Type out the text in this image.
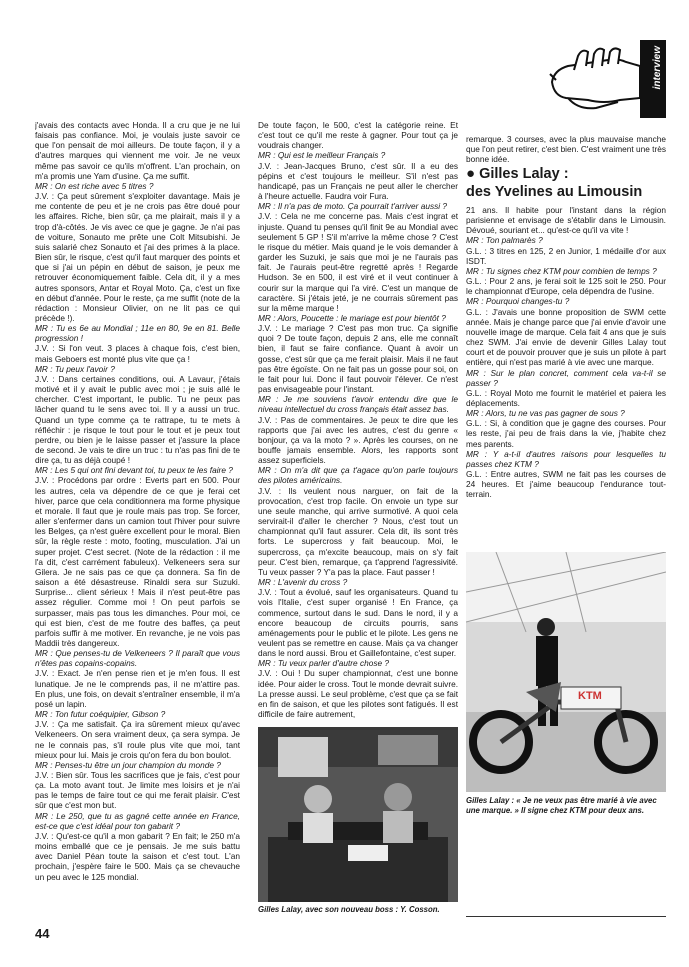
interview

j'avais des contacts avec Honda. Il a cru que je ne lui faisais pas confiance. Moi, je voulais juste savoir ce que l'on pensait de moi ailleurs. De toute façon, il y a d'autres marques qui viennent me voir. Je ne veux même pas savoir ce qu'ils m'offrent. L'an prochain, on m'a promis une Yam d'usine. Ça me suffit.

MR : On est riche avec 5 titres ?

J.V. : Ça peut sûrement s'exploiter davantage. Mais je me contente de peu et je ne crois pas être doué pour les affaires. Riche, bien sûr, ça me plairait, mais il y a trop d'à-côtés. Je vis avec ce que je gagne. Je n'ai pas de voiture, Sonauto me prête une Colt Mitsubishi. Je suis salarié chez Sonauto et j'ai des primes à la place. Bien sûr, le risque, c'est qu'il faut marquer des points et que si j'ai un pépin en début de saison, je peux me retrouver économiquement faible. Cela dit, il y a mes autres sponsors, Antar et Royal Moto. Ça, c'est un fixe en début d'année. Pour le reste, ça me suffit (note de la rédaction : Monsieur Olivier, on ne lit pas ce qui précède !).

MR : Tu es 6e au Mondial ; 11e en 80, 9e en 81. Belle progression !

J.V. : Si l'on veut. 3 places à chaque fois, c'est bien, mais Geboers est monté plus vite que ça !

MR : Tu peux l'avoir ?

J.V. : Dans certaines conditions, oui. A Lavaur, j'étais motivé et il y avait le public avec moi ; je suis allé le chercher. C'est important, le public. Tu ne peux pas lâcher quand tu le sens avec toi. Il y a aussi un truc. Quand un type comme ça te rattrape, tu te mets à réfléchir : je risque le tout pour le tout et je peux tout perdre, ou bien je le laisse passer et j'assure la place de second. Je vais te dire un truc : tu n'as pas fini de te dire ça, tu as déjà coupé !

MR : Les 5 qui ont fini devant toi, tu peux te les faire ?

J.V. : Procédons par ordre : Everts part en 500. Pour les autres, cela va dépendre de ce que je ferai cet hiver, parce que cela conditionnera ma forme physique et morale. Il faut que je roule mais pas trop. Se forcer, aller s'enfermer dans un camion tout l'hiver pour suivre les Belges, ça n'est guère excellent pour le moral. Bien sûr, la règle reste : moto, footing, musculation. J'ai un super projet. C'est secret. (Note de la rédaction : il me l'a dit, c'est carrément fabuleux). Velkeneers sera sur Gilera. Je ne sais pas ce que ça donnera. Sa fin de saison a été désastreuse. Rinaldi sera sur Suzuki. Surprise... client sérieux ! Mais il n'est peut-être pas assez régulier. Comme moi ! On peut parfois se surpasser, mais pas tous les dimanches. Pour moi, ce qui est bien, c'est de me foutre des baffes, ça peut parfois suffir à me motiver. En revanche, je ne vois pas Maddii très dangereux.

MR : Que penses-tu de Velkeneers ? Il paraît que vous n'êtes pas copains-copains.

J.V. : Exact. Je n'en pense rien et je m'en fous. Il est lunatique. Je ne le comprends pas, il ne m'attire pas. En plus, une fois, on devait s'entraîner ensemble, il m'a posé un lapin.

MR : Ton futur coéquipier, Gibson ?

J.V. : Ça me satisfait. Ça ira sûrement mieux qu'avec Velkeneers. On sera vraiment deux, ça sera sympa. Je ne le connais pas, s'il roule plus vite que moi, tant mieux pour lui. Mais je crois qu'on fera du bon boulot.

MR : Penses-tu être un jour champion du monde ?

J.V. : Bien sûr. Tous les sacrifices que je fais, c'est pour ça. La moto avant tout. Je limite mes loisirs et je n'ai pas le temps de faire tout ce qui me ferait plaisir. C'est sûr que c'est mon but.

MR : Le 250, que tu as gagné cette année en France, est-ce que c'est idéal pour ton gabarit ?

J.V. : Qu'est-ce qu'il a mon gabarit ? En fait; le 250 m'a moins emballé que ce je pensais. Je me suis battu avec Daniel Péan toute la saison et c'est tout. L'an prochain, j'espère faire le 500. Mais ça se chevauche un peu avec le 125 mondial.

De toute façon, le 500, c'est la catégorie reine. Et c'est tout ce qu'il me reste à gagner. Pour tout ça je voudrais changer.

MR : Qui est le meilleur Français ?

J.V. : Jean-Jacques Bruno, c'est sûr. Il a eu des pépins et c'est toujours le meilleur. S'il n'est pas handicapé, pas un Français ne peut aller le chercher à l'heure actuelle. Faudra voir Fura.

MR : Il n'a pas de moto. Ça pourrait t'arriver aussi ?

J.V. : Cela ne me concerne pas. Mais c'est ingrat et injuste. Quand tu penses qu'il finit 9e au Mondial avec seulement 5 GP ! S'il m'arrive la même chose ? C'est le risque du métier. Mais quand je le vois demander à garder les Suzuki, je sais que moi je ne l'aurais pas fait. Je l'aurais peut-être regretté après ! Regarde Hudson. 3e en 500, il est viré et il veut continuer à courir sur la marque qui l'a viré. C'est un manque de caractère. Si j'étais jeté, je ne courrais sûrement pas sur la même marque !

MR : Alors, Poucette : le mariage est pour bientôt ?

J.V. : Le mariage ? C'est pas mon truc. Ça signifie quoi ? De toute façon, depuis 2 ans, elle me connaît bien, il faut se faire confiance. Quant à avoir un gosse, c'est sûr que ça me ferait plaisir. Mais il ne faut pas être égoïste. On ne fait pas un gosse pour soi, on le fait pour lui. Donc il faut pouvoir l'élever. Ce n'est pas envisageable pour l'instant.

MR : Je me souviens t'avoir entendu dire que le niveau intellectuel du cross français était assez bas.

J.V. : Pas de commentaires. Je peux te dire que les rapports que j'ai avec les autres, c'est du genre « bonjour, ça va la moto ? ». Après les courses, on ne bouffe jamais ensemble. Alors, les rapports sont assez superficiels.

MR : On m'a dit que ça t'agace qu'on parle toujours des pilotes américains.

J.V. : Ils veulent nous narguer, on fait de la provocation, c'est trop facile. On envoie un type sur une seule manche, qui arrive surmotivé. A quoi cela servirait-il d'aller le chercher ? Nous, c'est tout un championnat qu'il faut assurer. Cela dit, ils sont très forts. Le supercross y fait beaucoup. Moi, le supercross, ça m'excite beaucoup, mais on s'y fait peur. C'est bien, remarque, ça t'apprend l'agressivité. Tu veux passer ? Y'a pas la place. Faut passer !

MR : L'avenir du cross ?

J.V. : Tout a évolué, sauf les organisateurs. Quand tu vois l'Italie, c'est super organisé ! En France, ça commence, surtout dans le sud. Dans le nord, il y a encore beaucoup de circuits pourris, sans aménagements pour le public et le pilote. Les gens ne veulent pas se remettre en cause. Mais ça va changer dans le nord aussi. Brou et Gaillefontaine, c'est super.

MR : Tu veux parler d'autre chose ?

J.V. : Oui ! Du super championnat, c'est une bonne idée. Pour aider le cross. Tout le monde devrait suivre. La presse aussi. Le seul problème, c'est que ça se fait en fin de saison, et que les pilotes sont fatigués. Il est difficile de faire autrement,

remarque. 3 courses, avec la plus mauvaise manche que l'on peut retirer, c'est bien. C'est vraiment une très bonne idée.

● Gilles Lalay :
des Yvelines au Limousin

21 ans. Il habite pour l'instant dans la région parisienne et envisage de s'établir dans le Limousin. Dévoué, souriant et... qu'est-ce qu'il va vite !

MR : Ton palmarès ?

G.L. : 3 titres en 125, 2 en Junior, 1 médaille d'or aux ISDT.

MR : Tu signes chez KTM pour combien de temps ?

G.L. : Pour 2 ans, je ferai soit le 125 soit le 250. Pour le championnat d'Europe, cela dépendra de l'usine.

MR : Pourquoi changes-tu ?

G.L. : J'avais une bonne proposition de SWM cette année. Mais je change parce que j'ai envie d'avoir une nouvelle image de marque. Cela fait 4 ans que je suis chez SWM. J'ai envie de devenir Gilles Lalay tout court et de pouvoir prouver que je suis un pilote à part entière, qui n'est pas marié à vie avec une marque.

MR : Sur le plan concret, comment cela va-t-il se passer ?

G.L. : Royal Moto me fournit le matériel et paiera les déplacements.

MR : Alors, tu ne vas pas gagner de sous ?

G.L. : Si, à condition que je gagne des courses. Pour les reste, j'ai peu de frais dans la vie, j'habite chez mes parents.

MR : Y a-t-il d'autres raisons pour lesquelles tu passes chez KTM ?

G.L. : Entre autres, SWM ne fait pas les courses de 24 heures. Et j'aime beaucoup l'endurance tout-terrain.

Gilles Lalay, avec son nouveau boss : Y. Cosson.
KTM
Gilles Lalay : « Je ne veux pas être marié à vie avec une marque. » Il signe chez KTM pour deux ans.
44
